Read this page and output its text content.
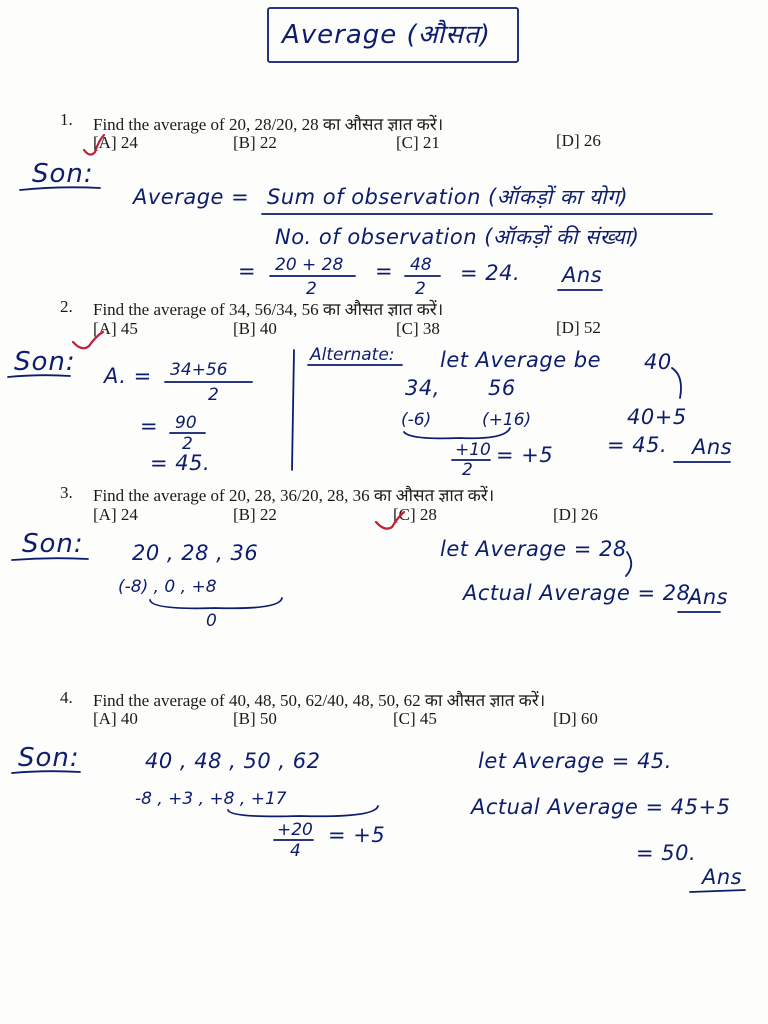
1. Find the average of 20, 28/20, 28 का औसत ज्ञात करें।
[A] 24	[B] 22	[C] 21	[D] 26
2. Find the average of 34, 56/34, 56 का औसत ज्ञात करें।
[A] 45	[B] 40	[C] 38	[D] 52
3. Find the average of 20, 28, 36/20, 28, 36 का औसत ज्ञात करें।
[A] 24	[B] 22	[C] 28	[D] 26
4. Find the average of 40, 48, 50, 62/40, 48, 50, 62 का औसत ज्ञात करें।
[A] 40	[B] 50	[C] 45	[D] 60
Average (औसत)
Son:
Average = Sum of observation (ऑकड़ों का योग)
No. of observation (ऑकड़ों की संख्या)
= 20 + 28
2
= 48
2
= 24. Ans
Son: A. = 34+56
2
= 90
2
= 45.
Alternate: let Average be 40
34, 56
(-6)	(+16)
+10
2
= +5
40+5
= 45. Ans
Son: 20 , 28 , 36
(-8) , 0 , +8
0
let Average = 28
Actual Average = 28.
Ans
Son:	40 , 48 , 50 , 62
-8 , +3 , +8 , +17
+20
4
= +5
let Average = 45.
Actual Average = 45+5
= 50.
Ans
